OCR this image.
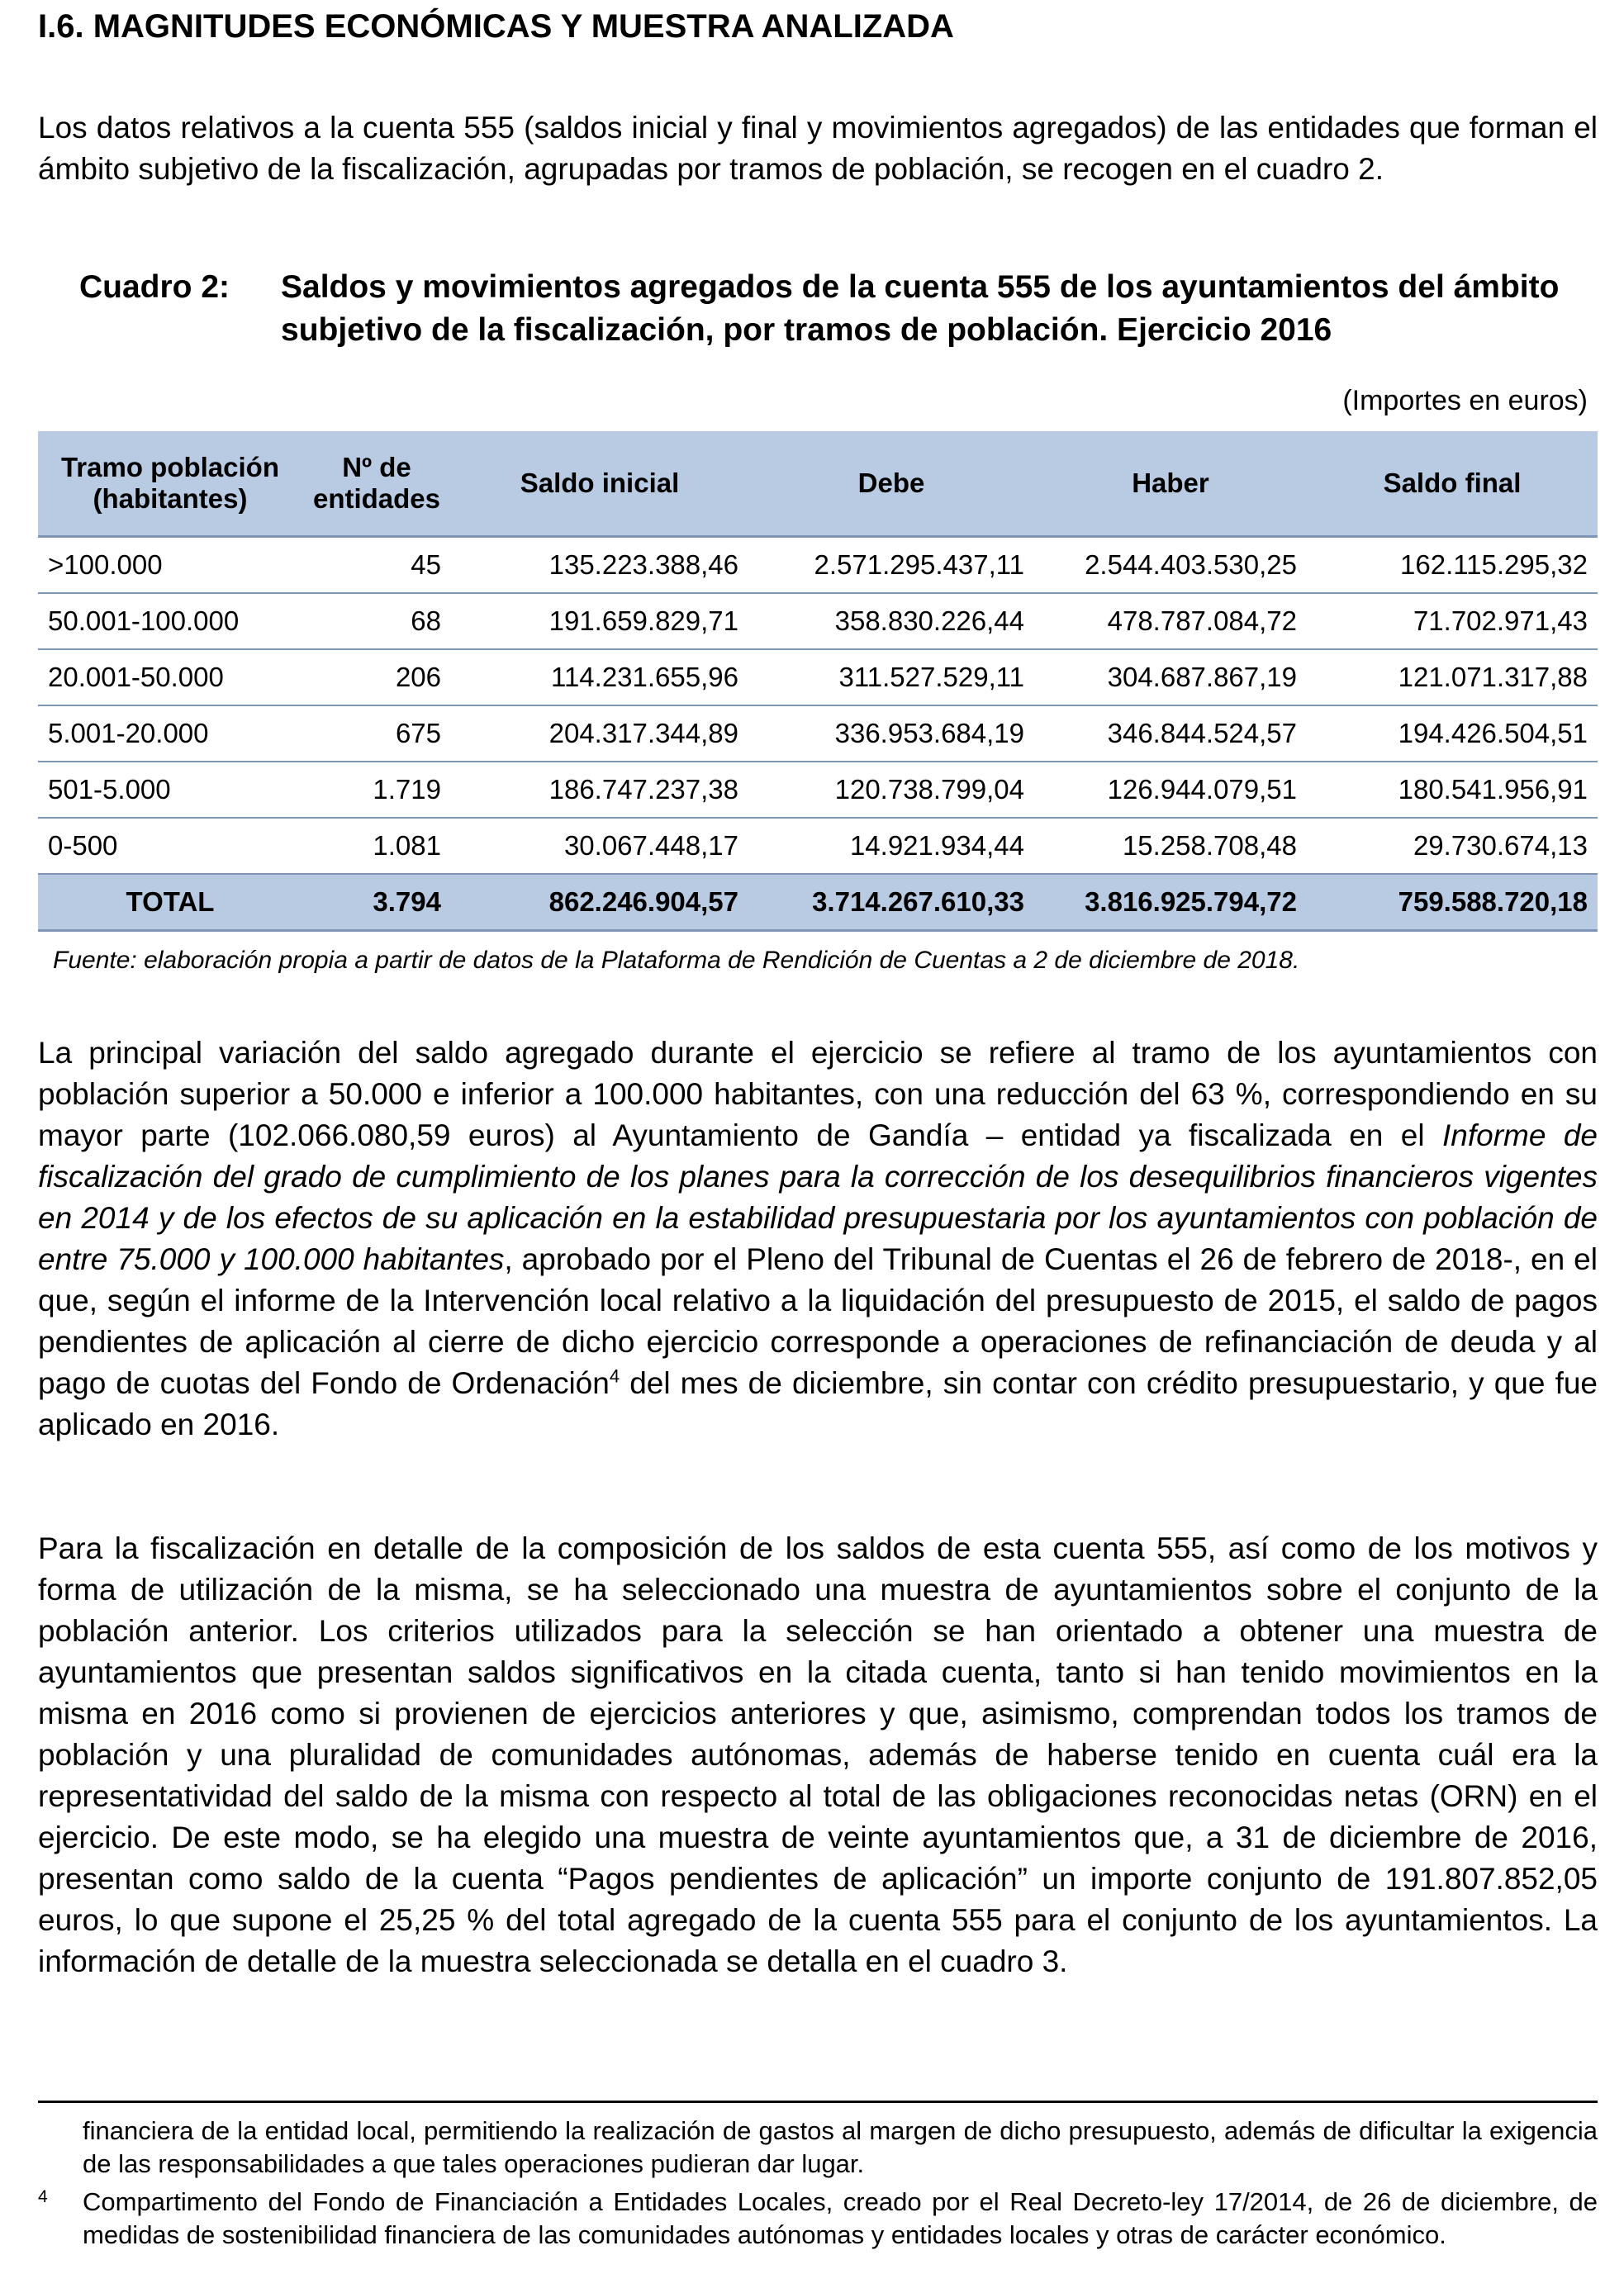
I.6. MAGNITUDES ECONÓMICAS Y MUESTRA ANALIZADA

Los datos relativos a la cuenta 555 (saldos inicial y final y movimientos agregados) de las entidades que forman el ámbito subjetivo de la fiscalización, agrupadas por tramos de población, se recogen en el cuadro 2.

Cuadro 2: Saldos y movimientos agregados de la cuenta 555 de los ayuntamientos del ámbito subjetivo de la fiscalización, por tramos de población. Ejercicio 2016
(Importes en euros)
Tramo población (habitantes)	Nº de entidades	Saldo inicial	Debe	Haber	Saldo final
>100.000	45	135.223.388,46	2.571.295.437,11	2.544.403.530,25	162.115.295,32
50.001-100.000	68	191.659.829,71	358.830.226,44	478.787.084,72	71.702.971,43
20.001-50.000	206	114.231.655,96	311.527.529,11	304.687.867,19	121.071.317,88
5.001-20.000	675	204.317.344,89	336.953.684,19	346.844.524,57	194.426.504,51
501-5.000	1.719	186.747.237,38	120.738.799,04	126.944.079,51	180.541.956,91
0-500	1.081	30.067.448,17	14.921.934,44	15.258.708,48	29.730.674,13
TOTAL	3.794	862.246.904,57	3.714.267.610,33	3.816.925.794,72	759.588.720,18
Fuente: elaboración propia a partir de datos de la Plataforma de Rendición de Cuentas a 2 de diciembre de 2018.

La principal variación del saldo agregado durante el ejercicio se refiere al tramo de los ayuntamientos con población superior a 50.000 e inferior a 100.000 habitantes, con una reducción del 63 %, correspondiendo en su mayor parte (102.066.080,59 euros) al Ayuntamiento de Gandía – entidad ya fiscalizada en el Informe de fiscalización del grado de cumplimiento de los planes para la corrección de los desequilibrios financieros vigentes en 2014 y de los efectos de su aplicación en la estabilidad presupuestaria por los ayuntamientos con población de entre 75.000 y 100.000 habitantes, aprobado por el Pleno del Tribunal de Cuentas el 26 de febrero de 2018-, en el que, según el informe de la Intervención local relativo a la liquidación del presupuesto de 2015, el saldo de pagos pendientes de aplicación al cierre de dicho ejercicio corresponde a operaciones de refinanciación de deuda y al pago de cuotas del Fondo de Ordenación$^4$ del mes de diciembre, sin contar con crédito presupuestario, y que fue aplicado en 2016.

Para la fiscalización en detalle de la composición de los saldos de esta cuenta 555, así como de los motivos y forma de utilización de la misma, se ha seleccionado una muestra de ayuntamientos sobre el conjunto de la población anterior. Los criterios utilizados para la selección se han orientado a obtener una muestra de ayuntamientos que presentan saldos significativos en la citada cuenta, tanto si han tenido movimientos en la misma en 2016 como si provienen de ejercicios anteriores y que, asimismo, comprendan todos los tramos de población y una pluralidad de comunidades autónomas, además de haberse tenido en cuenta cuál era la representatividad del saldo de la misma con respecto al total de las obligaciones reconocidas netas (ORN) en el ejercicio. De este modo, se ha elegido una muestra de veinte ayuntamientos que, a 31 de diciembre de 2016, presentan como saldo de la cuenta “Pagos pendientes de aplicación” un importe conjunto de 191.807.852,05 euros, lo que supone el 25,25 % del total agregado de la cuenta 555 para el conjunto de los ayuntamientos. La información de detalle de la muestra seleccionada se detalla en el cuadro 3.

financiera de la entidad local, permitiendo la realización de gastos al margen de dicho presupuesto, además de dificultar la exigencia de las responsabilidades a que tales operaciones pudieran dar lugar.
4 Compartimento del Fondo de Financiación a Entidades Locales, creado por el Real Decreto-ley 17/2014, de 26 de diciembre, de medidas de sostenibilidad financiera de las comunidades autónomas y entidades locales y otras de carácter económico.
